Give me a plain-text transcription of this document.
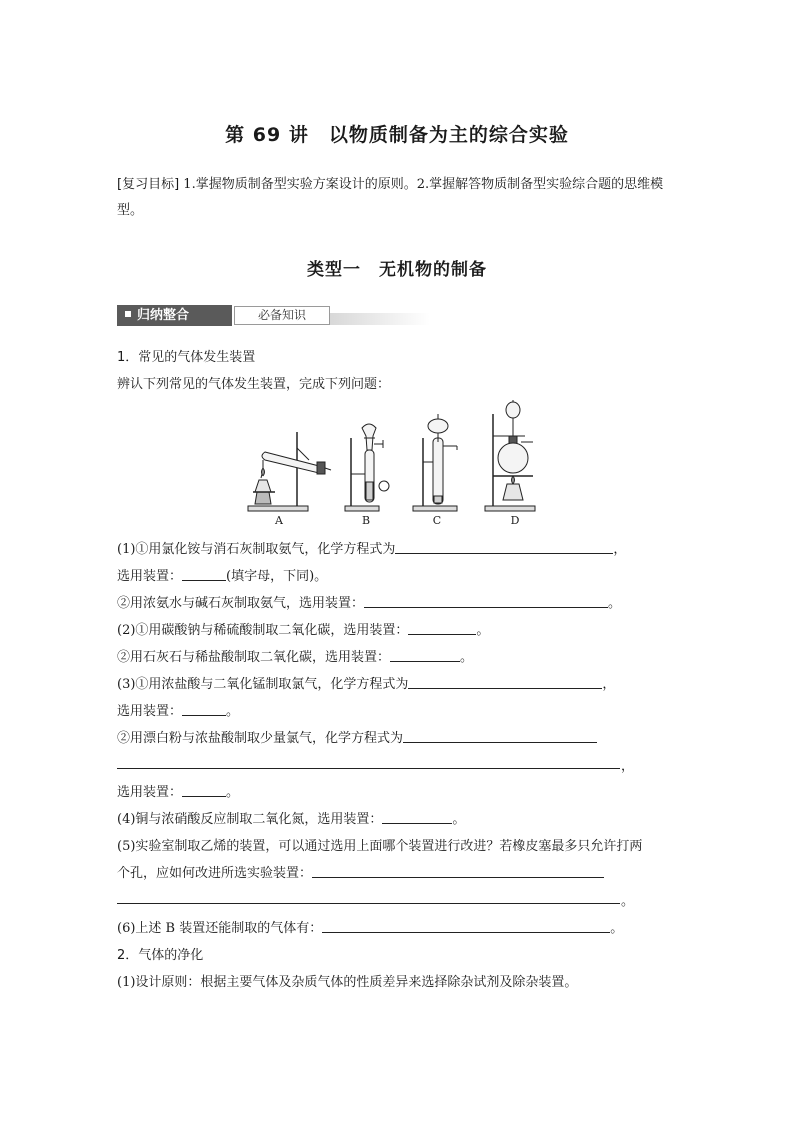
第 69 讲　以物质制备为主的综合实验
[复习目标] 1.掌握物质制备型实验方案设计的原则。2.掌握解答物质制备型实验综合题的思维模型。
类型一　无机物的制备
归纳整合	必备知识
1．常见的气体发生装置
辨认下列常见的气体发生装置，完成下列问题：
A	B	C	D
(1)①用氯化铵与消石灰制取氨气，化学方程式为	，
选用装置：	(填字母，下同)。
②用浓氨水与碱石灰制取氨气，选用装置：	。
(2)①用碳酸钠与稀硫酸制取二氧化碳，选用装置：	。
②用石灰石与稀盐酸制取二氧化碳，选用装置：	。
(3)①用浓盐酸与二氧化锰制取氯气，化学方程式为	，
选用装置：	。
②用漂白粉与浓盐酸制取少量氯气，化学方程式为
，
选用装置：	。
(4)铜与浓硝酸反应制取二氧化氮，选用装置：	。
(5)实验室制取乙烯的装置，可以通过选用上面哪个装置进行改进？若橡皮塞最多只允许打两
个孔，应如何改进所选实验装置：
。
(6)上述 B 装置还能制取的气体有：	。
2．气体的净化
(1)设计原则：根据主要气体及杂质气体的性质差异来选择除杂试剂及除杂装置。
